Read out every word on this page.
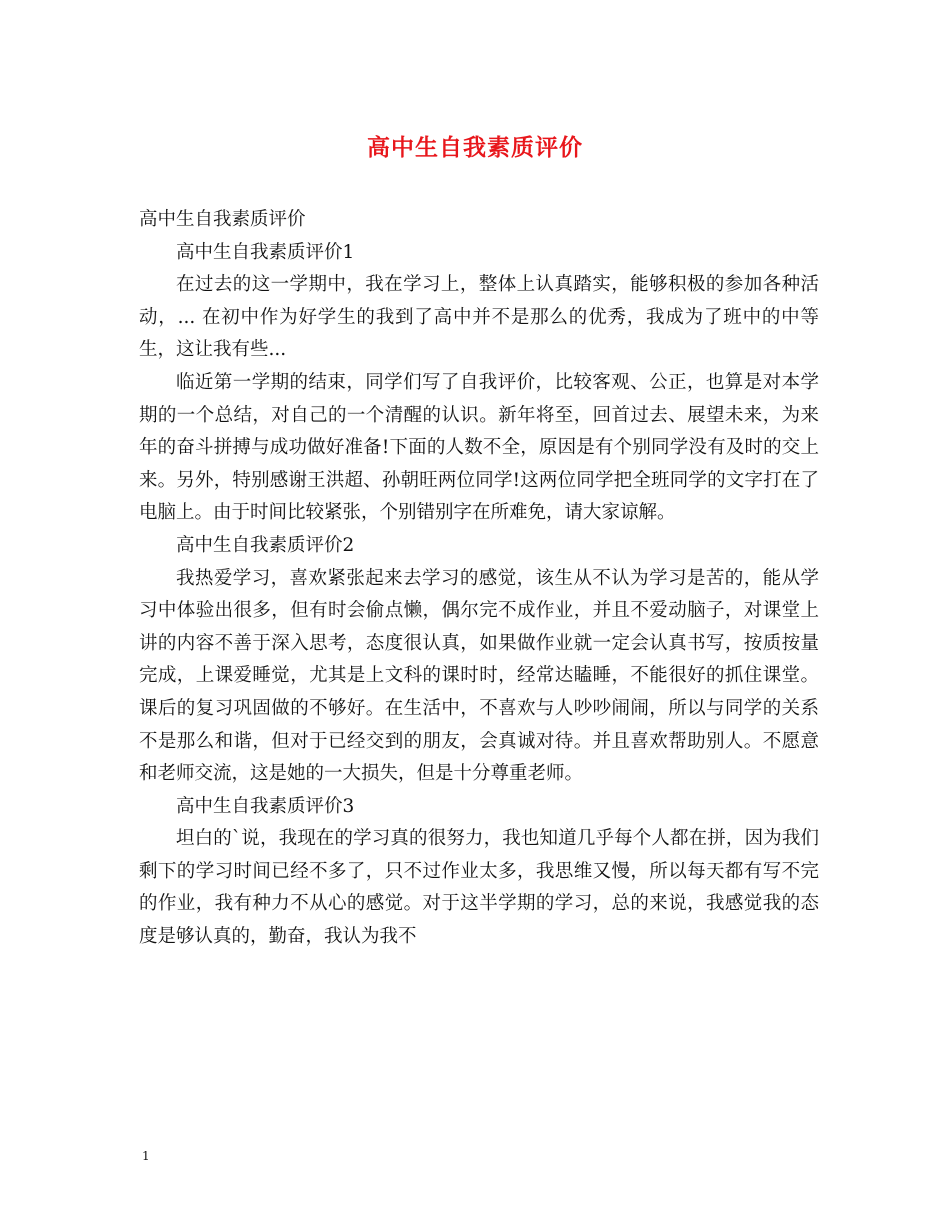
高中生自我素质评价

高中生自我素质评价

高中生自我素质评价1

在过去的这一学期中，我在学习上，整体上认真踏实，能够积极的参加各种活动，... 在初中作为好学生的我到了高中并不是那么的优秀，我成为了班中的中等生，这让我有些...

临近第一学期的结束，同学们写了自我评价，比较客观、公正，也算是对本学期的一个总结，对自己的一个清醒的认识。新年将至，回首过去、展望未来，为来年的奋斗拼搏与成功做好准备!下面的人数不全，原因是有个别同学没有及时的交上来。另外，特别感谢王洪超、孙朝旺两位同学!这两位同学把全班同学的文字打在了电脑上。由于时间比较紧张，个别错别字在所难免，请大家谅解。

高中生自我素质评价2

我热爱学习，喜欢紧张起来去学习的感觉，该生从不认为学习是苦的，能从学习中体验出很多，但有时会偷点懒，偶尔完不成作业，并且不爱动脑子，对课堂上讲的内容不善于深入思考，态度很认真，如果做作业就一定会认真书写，按质按量完成，上课爱睡觉，尤其是上文科的课时时，经常达瞌睡，不能很好的抓住课堂。课后的复习巩固做的不够好。在生活中，不喜欢与人吵吵闹闹，所以与同学的关系不是那么和谐，但对于已经交到的朋友，会真诚对待。并且喜欢帮助别人。不愿意和老师交流，这是她的一大损失，但是十分尊重老师。

高中生自我素质评价3

坦白的`说，我现在的学习真的很努力，我也知道几乎每个人都在拼，因为我们剩下的学习时间已经不多了，只不过作业太多，我思维又慢，所以每天都有写不完的作业，我有种力不从心的感觉。对于这半学期的学习，总的来说，我感觉我的态度是够认真的，勤奋，我认为我不

1
